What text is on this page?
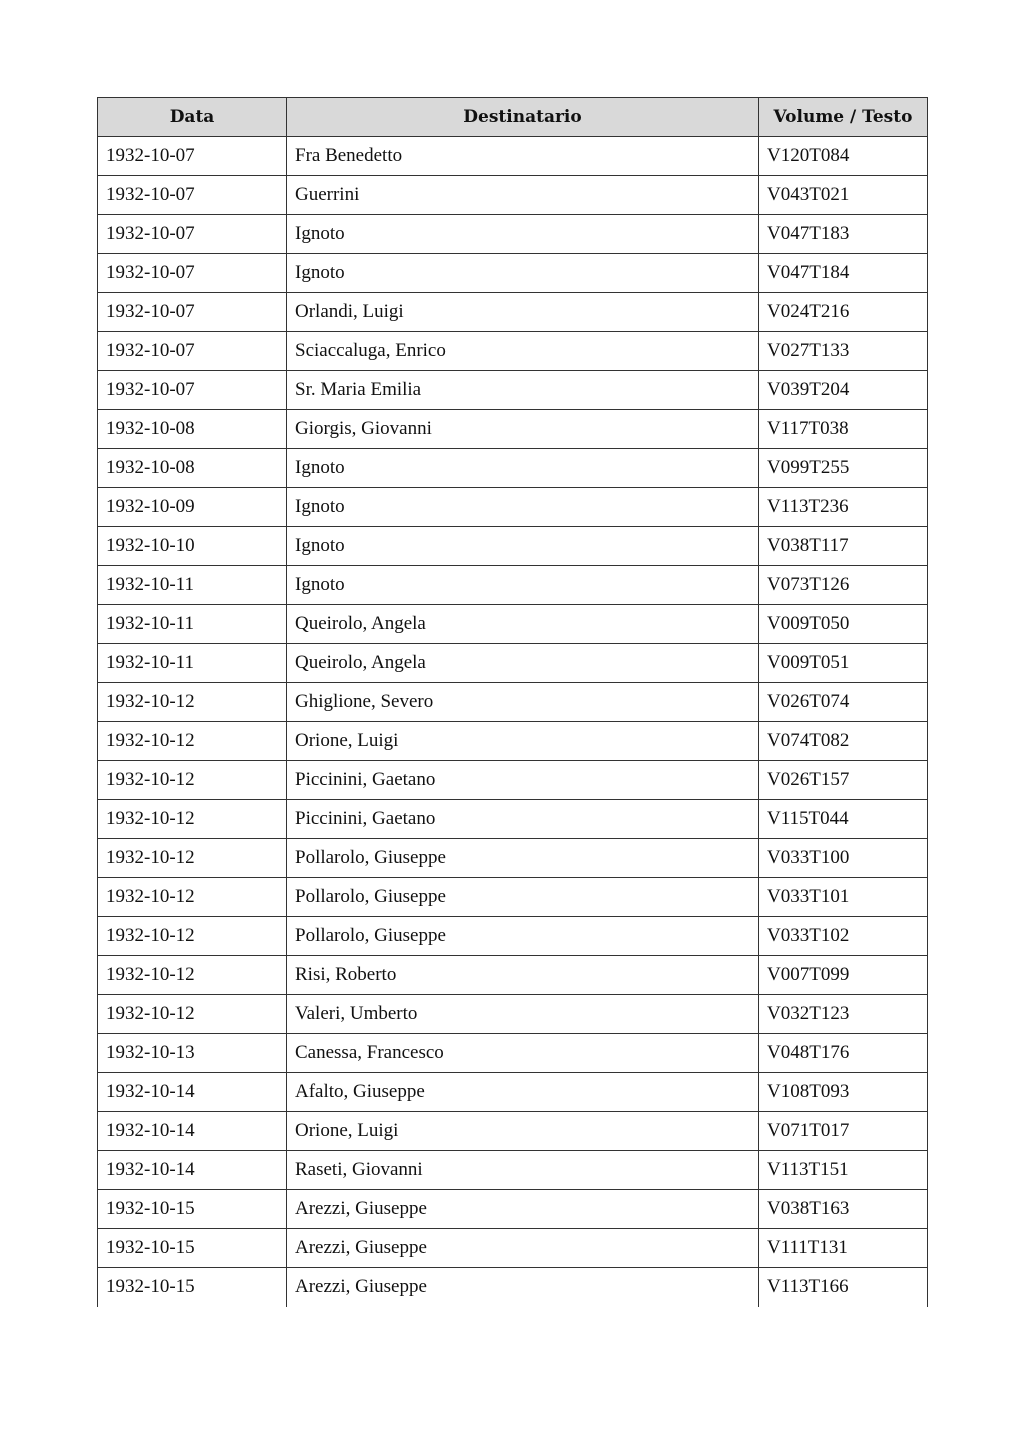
Data	Destinatario	Volume / Testo
1932-10-07	Fra Benedetto	V120T084
1932-10-07	Guerrini	V043T021
1932-10-07	Ignoto	V047T183
1932-10-07	Ignoto	V047T184
1932-10-07	Orlandi, Luigi	V024T216
1932-10-07	Sciaccaluga, Enrico	V027T133
1932-10-07	Sr. Maria Emilia	V039T204
1932-10-08	Giorgis, Giovanni	V117T038
1932-10-08	Ignoto	V099T255
1932-10-09	Ignoto	V113T236
1932-10-10	Ignoto	V038T117
1932-10-11	Ignoto	V073T126
1932-10-11	Queirolo, Angela	V009T050
1932-10-11	Queirolo, Angela	V009T051
1932-10-12	Ghiglione, Severo	V026T074
1932-10-12	Orione, Luigi	V074T082
1932-10-12	Piccinini, Gaetano	V026T157
1932-10-12	Piccinini, Gaetano	V115T044
1932-10-12	Pollarolo, Giuseppe	V033T100
1932-10-12	Pollarolo, Giuseppe	V033T101
1932-10-12	Pollarolo, Giuseppe	V033T102
1932-10-12	Risi, Roberto	V007T099
1932-10-12	Valeri, Umberto	V032T123
1932-10-13	Canessa, Francesco	V048T176
1932-10-14	Afalto, Giuseppe	V108T093
1932-10-14	Orione, Luigi	V071T017
1932-10-14	Raseti, Giovanni	V113T151
1932-10-15	Arezzi, Giuseppe	V038T163
1932-10-15	Arezzi, Giuseppe	V111T131
1932-10-15	Arezzi, Giuseppe	V113T166
